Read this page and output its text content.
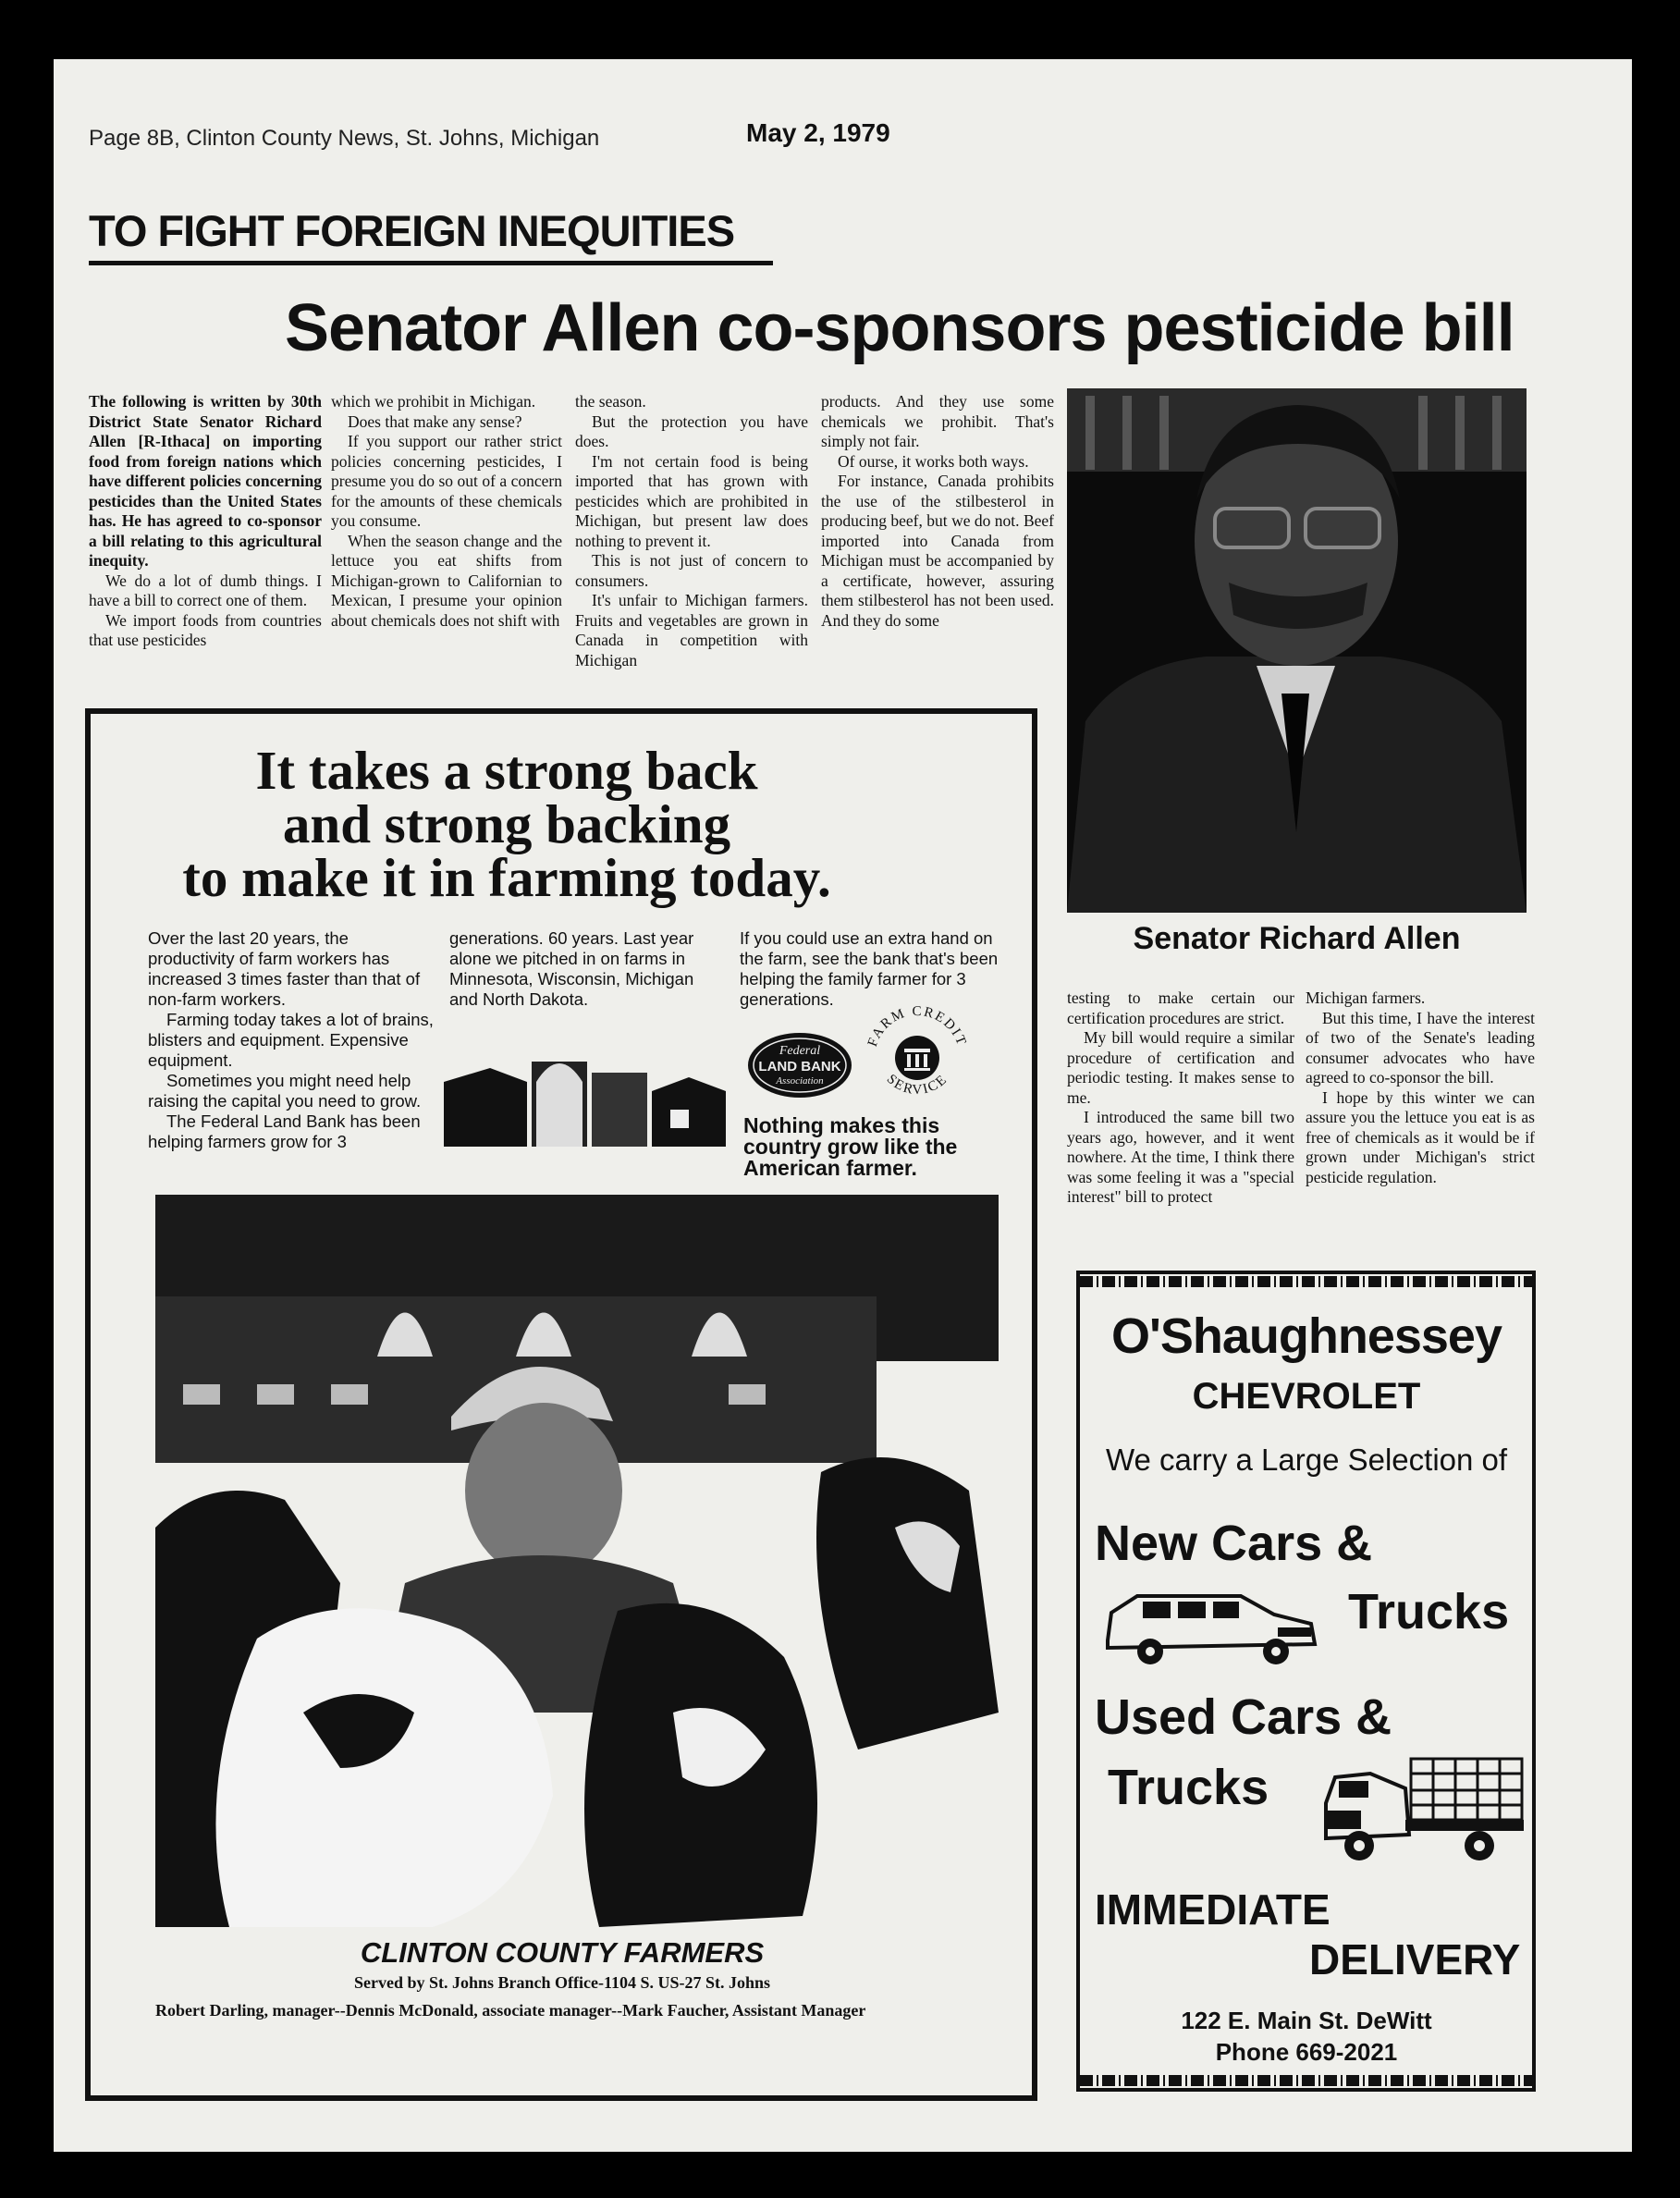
Page 8B, Clinton County News, St. Johns, Michigan	May 2, 1979
TO FIGHT FOREIGN INEQUITIES
Senator Allen co-sponsors pesticide bill

The following is written by 30th District State Senator Richard Allen [R-Ithaca] on importing food from foreign nations which have different policies concerning pesticides than the United States has. He has agreed to co-sponsor a bill relating to this agricultural inequity.

We do a lot of dumb things. I have a bill to correct one of them.

We import foods from countries that use pesticides

which we prohibit in Michigan.

Does that make any sense?

If you support our rather strict policies concerning pesticides, I presume you do so out of a concern for the amounts of these chemicals you consume.

When the season change and the lettuce you eat shifts from Michigan-grown to Californian to Mexican, I presume your opinion about chemicals does not shift with

the season.

But the protection you have does.

I'm not certain food is being imported that has grown with pesticides which are prohibited in Michigan, but present law does nothing to prevent it.

This is not just of concern to consumers.

It's unfair to Michigan farmers. Fruits and vegetables are grown in Canada in competition with Michigan

products. And they use some chemicals we prohibit. That's simply not fair.

Of ourse, it works both ways.

For instance, Canada prohibits the use of the stilbesterol in producing beef, but we do not. Beef imported into Canada from Michigan must be accompanied by a certificate, however, assuring them stilbesterol has not been used. And they do some

Senator Richard Allen

testing to make certain our certification procedures are strict.

My bill would require a similar procedure of certification and periodic testing. It makes sense to me.

I introduced the same bill two years ago, however, and it went nowhere. At the time, I think there was some feeling it was a "special interest" bill to protect

Michigan farmers.

But this time, I have the interest of two of the Senate's leading consumer advocates who have agreed to co-sponsor the bill.

I hope by this winter we can assure you the lettuce you eat is as free of chemicals as it would be if grown under Michigan's strict pesticide regulation.

It takes a strong back
and strong backing
to make it in farming today.

Over the last 20 years, the productivity of farm workers has increased 3 times faster than that of non-farm workers.

Farming today takes a lot of brains, blisters and equipment. Expensive equipment.

Sometimes you might need help raising the capital you need to grow.

The Federal Land Bank has been helping farmers grow for 3

generations. 60 years. Last year alone we pitched in on farms in Minnesota, Wisconsin, Michigan and North Dakota.

If you could use an extra hand on the farm, see the bank that's been helping the family farmer for 3 generations.

Federal
LAND BANK
Association
FARM CREDIT
SERVICE
Nothing makes this country grow like the American farmer.
CLINTON COUNTY FARMERS
Served by St. Johns Branch Office-1104 S. US-27 St. Johns
Robert Darling, manager--Dennis McDonald, associate manager--Mark Faucher, Assistant Manager
O'Shaughnessey
CHEVROLET
We carry a Large Selection of
New Cars &
Trucks
Used Cars &
Trucks
IMMEDIATE
DELIVERY
122 E. Main St. DeWitt
Phone 669-2021
